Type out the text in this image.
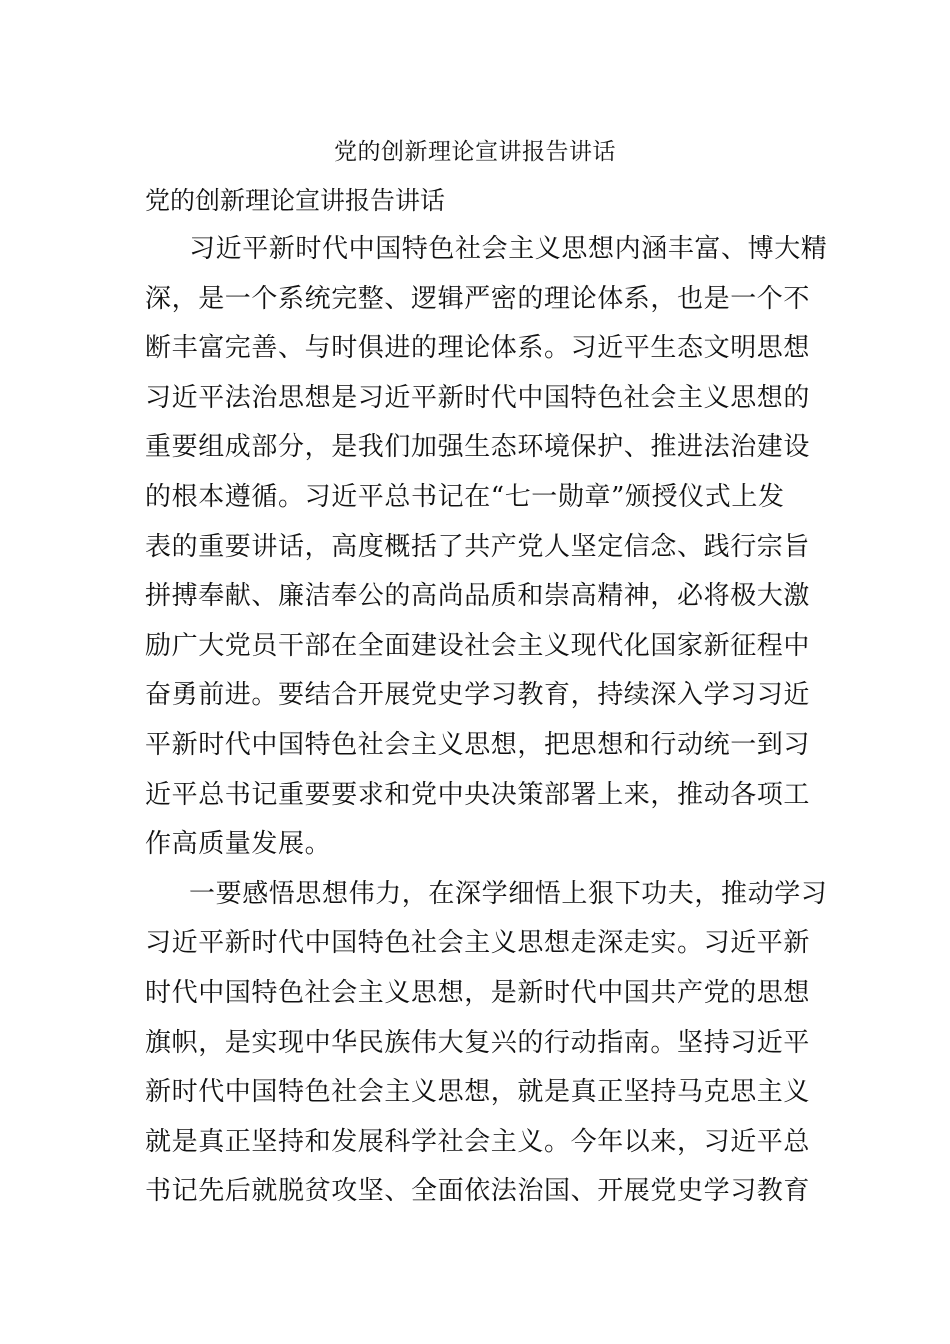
党的创新理论宣讲报告讲话

党的创新理论宣讲报告讲话

习近平新时代中国特色社会主义思想内涵丰富、博大精
深，是一个系统完整、逻辑严密的理论体系，也是一个不
断丰富完善、与时俱进的理论体系。习近平生态文明思想
习近平法治思想是习近平新时代中国特色社会主义思想的
重要组成部分，是我们加强生态环境保护、推进法治建设
的根本遵循。习近平总书记在“七一勋章”颁授仪式上发
表的重要讲话，高度概括了共产党人坚定信念、践行宗旨
拼搏奉献、廉洁奉公的高尚品质和崇高精神，必将极大激
励广大党员干部在全面建设社会主义现代化国家新征程中
奋勇前进。要结合开展党史学习教育，持续深入学习习近
平新时代中国特色社会主义思想，把思想和行动统一到习
近平总书记重要要求和党中央决策部署上来，推动各项工
作高质量发展。
一要感悟思想伟力，在深学细悟上狠下功夫，推动学习
习近平新时代中国特色社会主义思想走深走实。习近平新
时代中国特色社会主义思想，是新时代中国共产党的思想
旗帜，是实现中华民族伟大复兴的行动指南。坚持习近平
新时代中国特色社会主义思想，就是真正坚持马克思主义
就是真正坚持和发展科学社会主义。今年以来，习近平总
书记先后就脱贫攻坚、全面依法治国、开展党史学习教育
